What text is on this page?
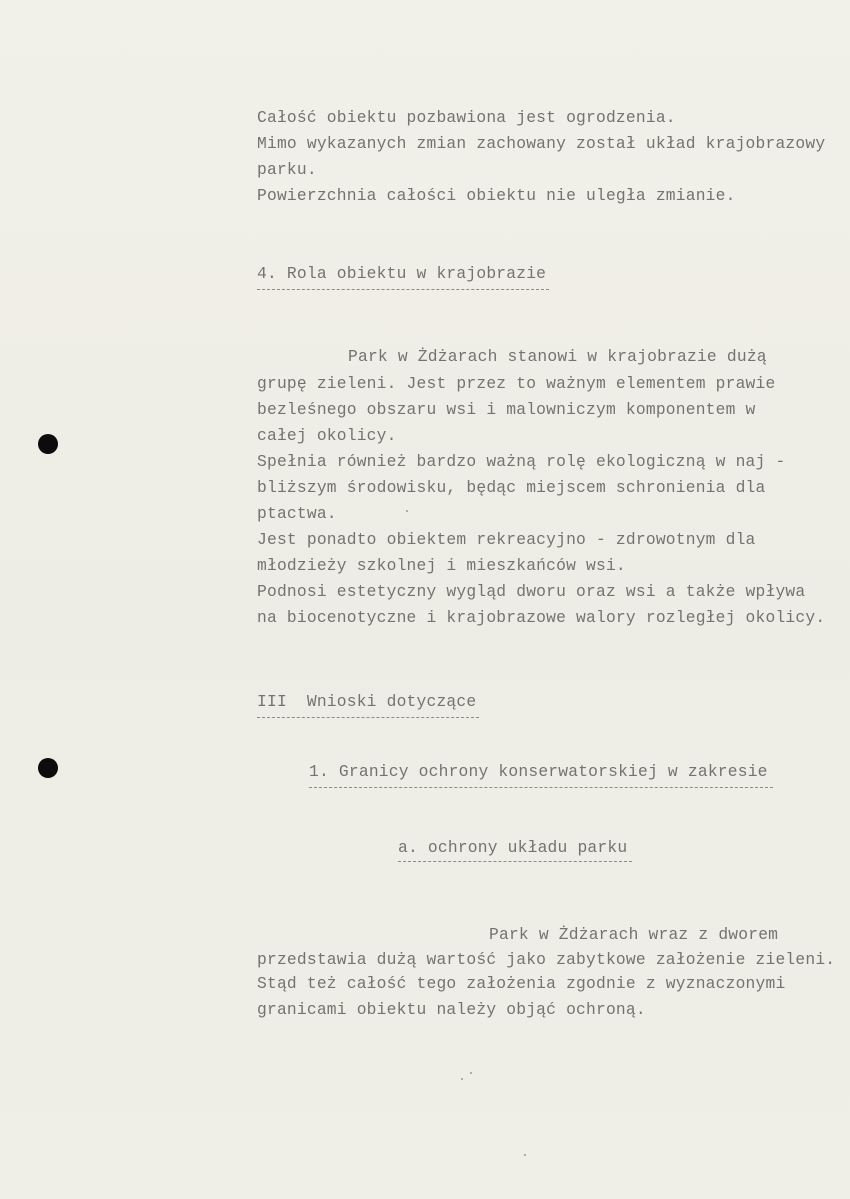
Całość obiektu pozbawiona jest ogrodzenia.
Mimo wykazanych zmian zachowany został układ krajobrazowy
parku.
Powierzchnia całości obiektu nie uległa zmianie.
4. Rola obiektu w krajobrazie
Park w Żdżarach stanowi w krajobrazie dużą
grupę zieleni. Jest przez to ważnym elementem prawie
bezleśnego obszaru wsi i malowniczym komponentem w
całej okolicy.
Spełnia również bardzo ważną rolę ekologiczną w naj -
bliższym środowisku, będąc miejscem schronienia dla
ptactwa.
Jest ponadto obiektem rekreacyjno - zdrowotnym dla
młodzieży szkolnej i mieszkańców wsi.
Podnosi estetyczny wygląd dworu oraz wsi a także wpływa
na biocenotyczne i krajobrazowe walory rozległej okolicy.
III  Wnioski dotyczące
1. Granicy ochrony konserwatorskiej w zakresie
a. ochrony układu parku
Park w Żdżarach wraz z dworem
przedstawia dużą wartość jako zabytkowe założenie zieleni.
Stąd też całość tego założenia zgodnie z wyznaczonymi
granicami obiektu należy objąć ochroną.
